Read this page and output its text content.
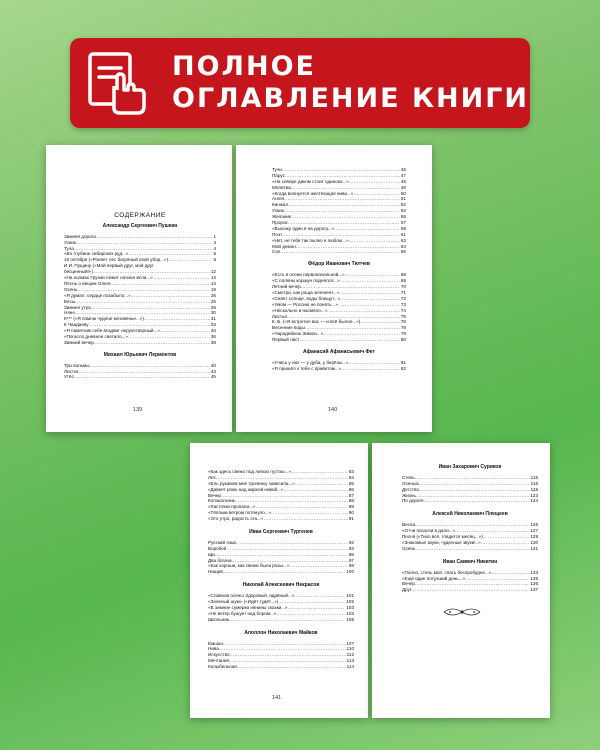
ПОЛНОЕ
ОГЛАВЛЕНИЕ КНИГИ
СОДЕРЖАНИЕ
Александр Сергеевич Пушкин
Зимняя дорога .....	1
Узник .....	3
Туча .....	4
«Во глубине сибирских руд...» .....	5
19 октября («Роняет лес багряный свой убор...») .....	6
И.И. Пущину («Мой первый друг, мой друг
бесценный!») .....	12
«На холмах Грузии лежит ночная мгла...» .....	13
Песнь о вещем Олеге .....	14
Осень .....	19
«Я думал, сердце позабыло...» .....	26
Бесы .....	25
Зимнее утро .....	28
Няне .....	30
К*** («Я помню чудное мгновенье...») .....	31
К Чаадаеву .....	33
«Я памятник себе воздвиг нерукотворный...» .....	34
«Погасло дневное светило...» .....	36
Зимний вечер .....	38
Михаил Юрьевич Лермонтов
Три пальмы .....	40
Листок .....	43
Утёс .....	45
139
Тучи .....	46
Парус .....	47
«На севере диком стоит одиноко...» .....	48
Молитва .....	49
«Когда волнуется желтеющая нива...» .....	50
Ангел .....	51
Кинжал .....	52
Узник .....	53
Желание .....	55
Пророк .....	57
«Выхожу один я на дорогу...» .....	59
Поэт .....	61
«Нет, не тебя так пылко я люблю...» .....	63
Мой демон .....	64
Сон .....	66
Фёдор Иванович Тютчев
«Есть в осени первоначальной...» .....	68
«С поляны коршун поднялся...» .....	69
Летний вечер .....	70
«Смотри, как роща зеленеет...» .....	71
«Сияет солнце, воды блещут...» .....	72
«Умом — Россию не понять...» .....	73
«Нескольно и насмело...» .....	74
Листья .....	75
К. Б. («Я встретил вас — и всё былое...») .....	76
Весенние воды .....	78
«Чародейкою Зимою...» .....	79
Первый лист .....	80
Афанасий Афанасьевич Фет
«Учись у них — у дуба, у берёзы...» .....	81
«Я пришёл к тебе с приветом...» .....	82
140
«Как здесь свежо под липою густою...» .....	83
Лес .....	84
«Ель рукавом мне тропинку завесила...» .....	85
«Давеет рожь над жаркой нивой...» .....	86
Вечер .....	87
Колокольчик .....	88
«Ласточки пропали...» .....	89
«Тёплым ветром потянуло...» .....	90
«Это утро, радость эта...» .....	91
Иван Сергеевич Тургенев
Русский язык .....	92
Воробей .....	93
Щи .....	95
Два богача .....	97
«Как хороши, как свежи были розы...» .....	98
Нищий .....	100
Николай Алексеевич Некрасов
«Славная осень! Здоровый, ядрёный...» .....	101
«Зеленый шум» («Идёт-гудёт...») .....	102
«В зимние сумерки нянины сказки...» .....	103
«Не ветер бушует над бором...» .....	103
Школьник .....	105
Аполлон Николаевич Майков
Емшан .....	107
Нива .....	110
Искусство .....	112
Мечтания .....	113
Колыбельная .....	114
141
Иван Захарович Суриков
Степь .....	115
Осенью .....	116
Детство .....	118
Жизнь .....	123
По дороге .....	124
Алексей Николаевич Плещеев
Весна .....	126
«Отчи погасли в дали...» .....	127
Песня («Тихо всё, глядится месяц...») .....	129
«Знакомые звуки, чудесные звуки!..» .....	130
Осень .....	131
Иван Саввич Никитин
«Полно, степь моя, спать беспробудно...» .....	133
«Ещё один потухший день...» .....	135
Вечер .....	136
Друг .....	137
